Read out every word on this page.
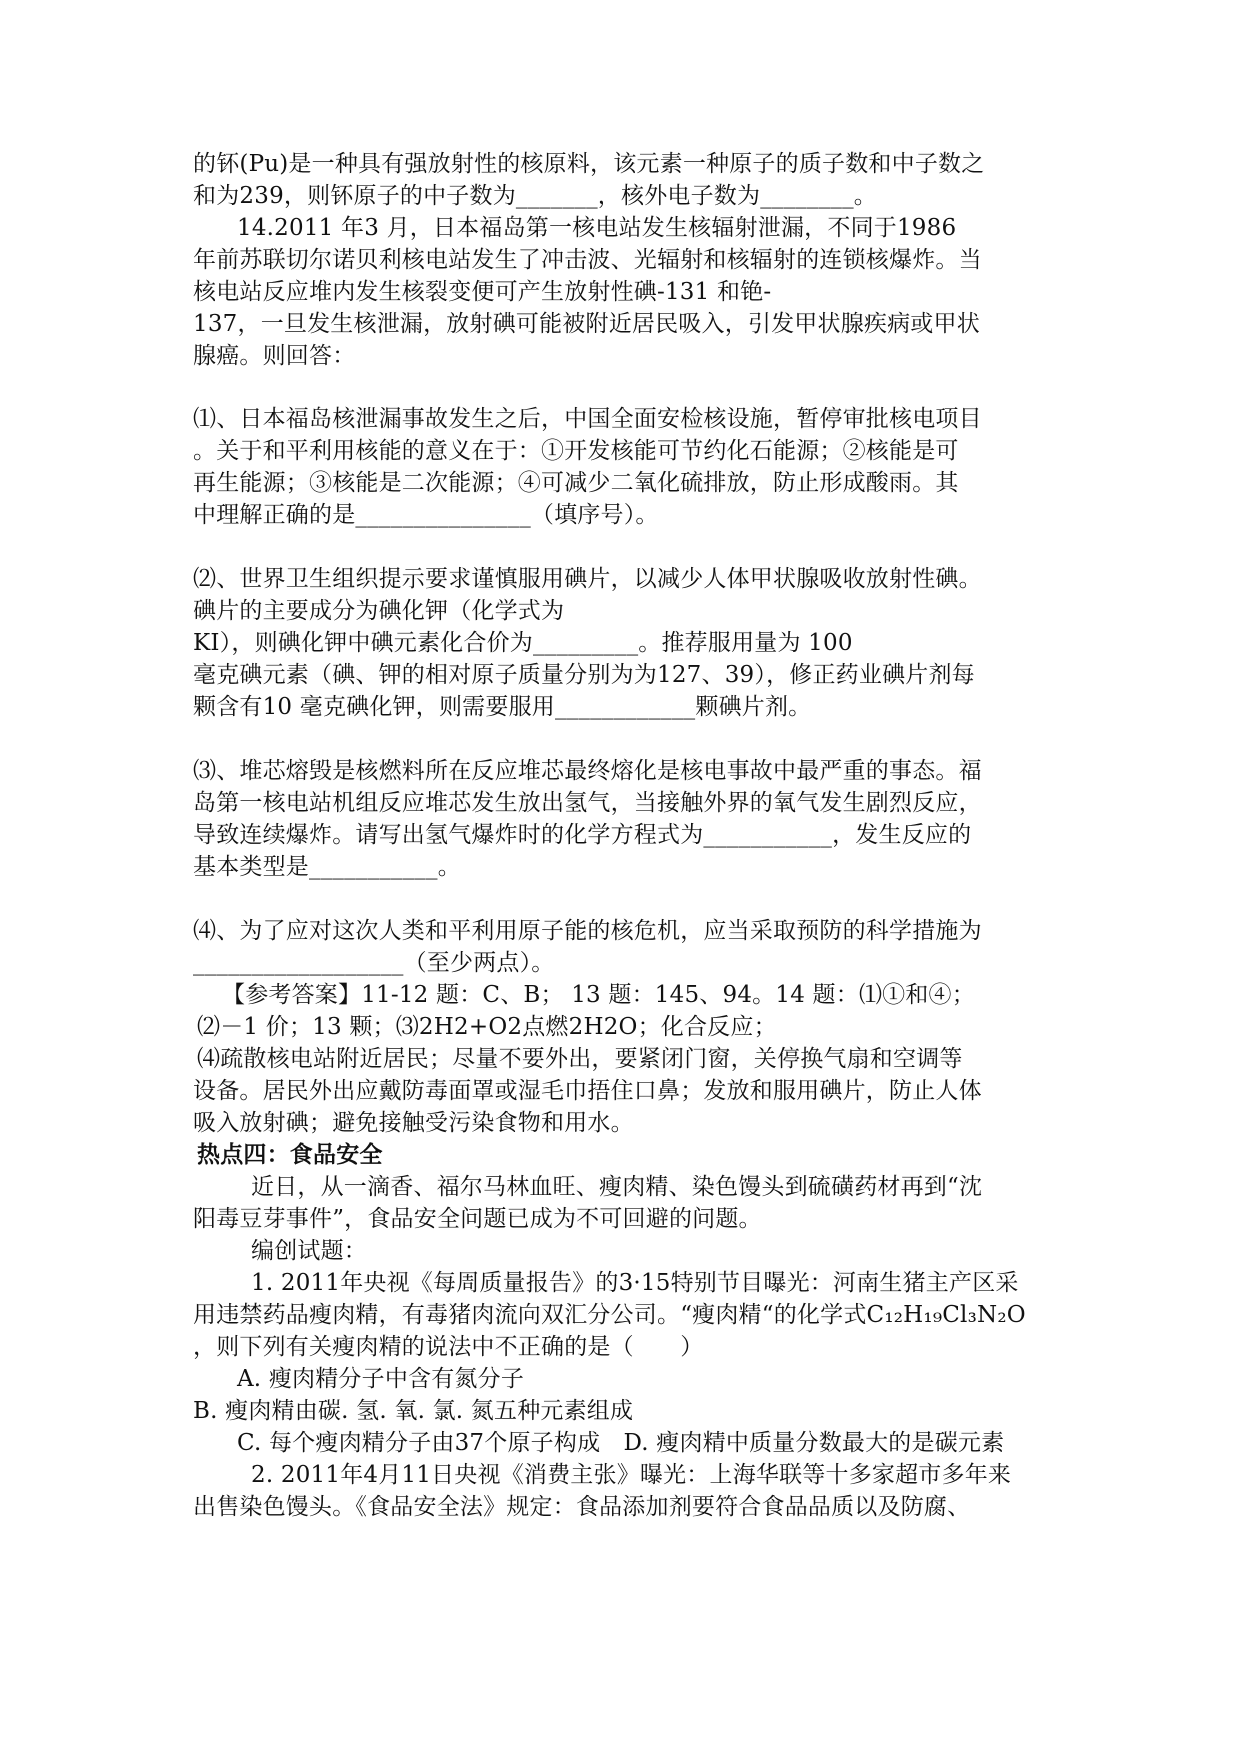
的钚(Pu)是一种具有强放射性的核原料，该元素一种原子的质子数和中子数之

和为239，则钚原子的中子数为_______，核外电子数为________。

14.2011 年3 月，日本福岛第一核电站发生核辐射泄漏，不同于1986

年前苏联切尔诺贝利核电站发生了冲击波、光辐射和核辐射的连锁核爆炸。当

核电站反应堆内发生核裂变便可产生放射性碘-131 和铯-

137，一旦发生核泄漏，放射碘可能被附近居民吸入，引发甲状腺疾病或甲状

腺癌。则回答：

⑴、日本福岛核泄漏事故发生之后，中国全面安检核设施，暂停审批核电项目

。关于和平利用核能的意义在于：①开发核能可节约化石能源；②核能是可

再生能源；③核能是二次能源；④可减少二氧化硫排放，防止形成酸雨。其

中理解正确的是_______________（填序号）。

⑵、世界卫生组织提示要求谨慎服用碘片，以减少人体甲状腺吸收放射性碘。

碘片的主要成分为碘化钾（化学式为

KI），则碘化钾中碘元素化合价为_________。推荐服用量为 100

毫克碘元素（碘、钾的相对原子质量分别为为127、39），修正药业碘片剂每

颗含有10 毫克碘化钾，则需要服用____________颗碘片剂。

⑶、堆芯熔毁是核燃料所在反应堆芯最终熔化是核电事故中最严重的事态。福

岛第一核电站机组反应堆芯发生放出氢气，当接触外界的氧气发生剧烈反应，

导致连续爆炸。请写出氢气爆炸时的化学方程式为___________，发生反应的

基本类型是___________。

⑷、为了应对这次人类和平利用原子能的核危机，应当采取预防的科学措施为

__________________（至少两点）。

【参考答案】11-12 题：C、B； 13 题：145、94。14 题：⑴①和④；

⑵－1 价；13 颗；⑶2H2+O2点燃2H2O；化合反应；

⑷疏散核电站附近居民；尽量不要外出，要紧闭门窗，关停换气扇和空调等

设备。居民外出应戴防毒面罩或湿毛巾捂住口鼻；发放和服用碘片，防止人体

吸入放射碘；避免接触受污染食物和用水。

热点四：食品安全

近日，从一滴香、福尔马林血旺、瘦肉精、染色馒头到硫磺药材再到“沈

阳毒豆芽事件”，食品安全问题已成为不可回避的问题。

编创试题：

1. 2011年央视《每周质量报告》的3·15特别节目曝光：河南生猪主产区采

用违禁药品瘦肉精，有毒猪肉流向双汇分公司。“瘦肉精“的化学式C₁₂H₁₉Cl₃N₂O

，则下列有关瘦肉精的说法中不正确的是（　　）

A. 瘦肉精分子中含有氮分子

B. 瘦肉精由碳. 氢. 氧. 氯. 氮五种元素组成

C. 每个瘦肉精分子由37个原子构成　D. 瘦肉精中质量分数最大的是碳元素

2. 2011年4月11日央视《消费主张》曝光：上海华联等十多家超市多年来

出售染色馒头。《食品安全法》规定：食品添加剂要符合食品品质以及防腐、
